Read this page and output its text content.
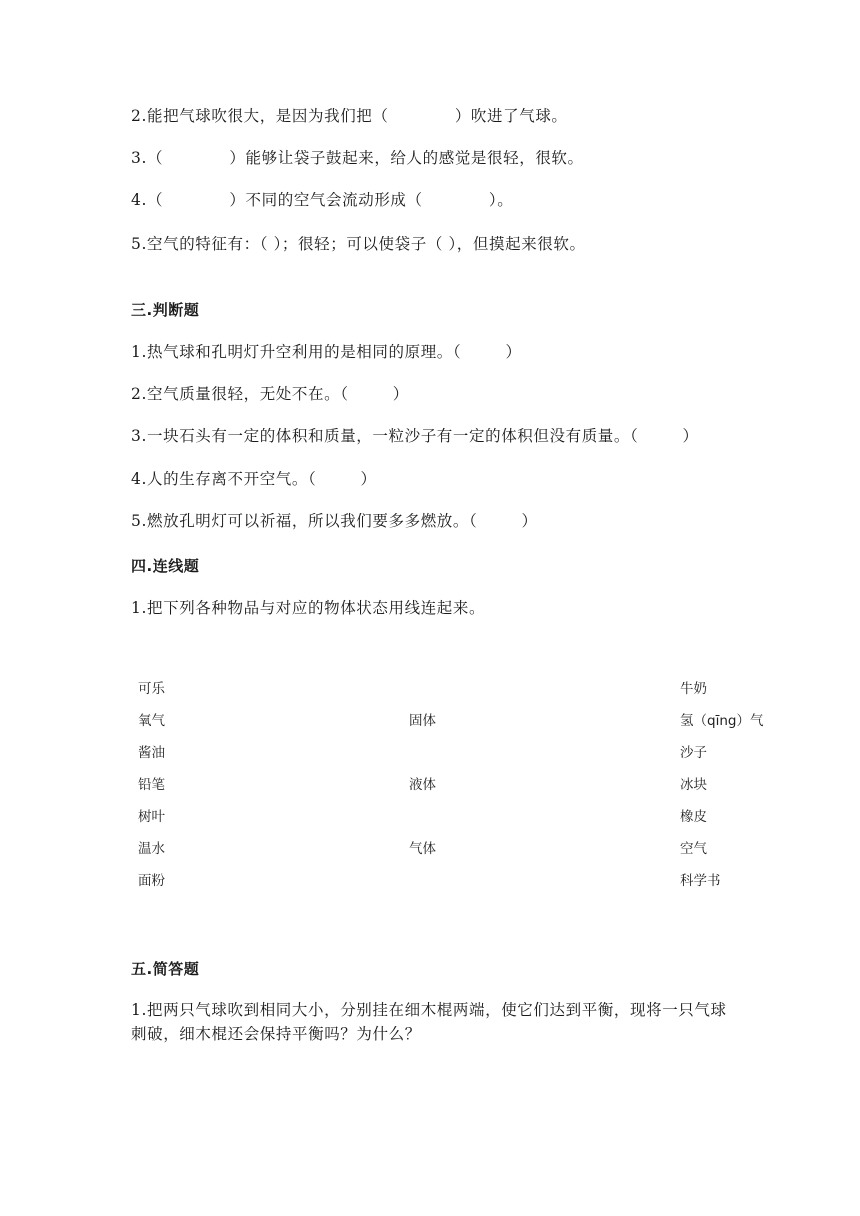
2.能把气球吹很大，是因为我们把（            ）吹进了气球。
3.（            ）能够让袋子鼓起来，给人的感觉是很轻，很软。
4.（            ）不同的空气会流动形成（            ）。
5.空气的特征有：（ ）；很轻；可以使袋子（ ），但摸起来很软。
三.判断题
1.热气球和孔明灯升空利用的是相同的原理。（        ）
2.空气质量很轻，无处不在。（        ）
3.一块石头有一定的体积和质量，一粒沙子有一定的体积但没有质量。（        ）
4.人的生存离不开空气。（        ）
5.燃放孔明灯可以祈福，所以我们要多多燃放。（        ）
四.连线题
1.把下列各种物品与对应的物体状态用线连起来。
可乐
氧气
酱油
铅笔
树叶
温水
面粉
固体
液体
气体
牛奶
氢（qīng）气
沙子
冰块
橡皮
空气
科学书
五.简答题
1.把两只气球吹到相同大小，分别挂在细木棍两端，使它们达到平衡，现将一只气球刺破，细木棍还会保持平衡吗？为什么？
